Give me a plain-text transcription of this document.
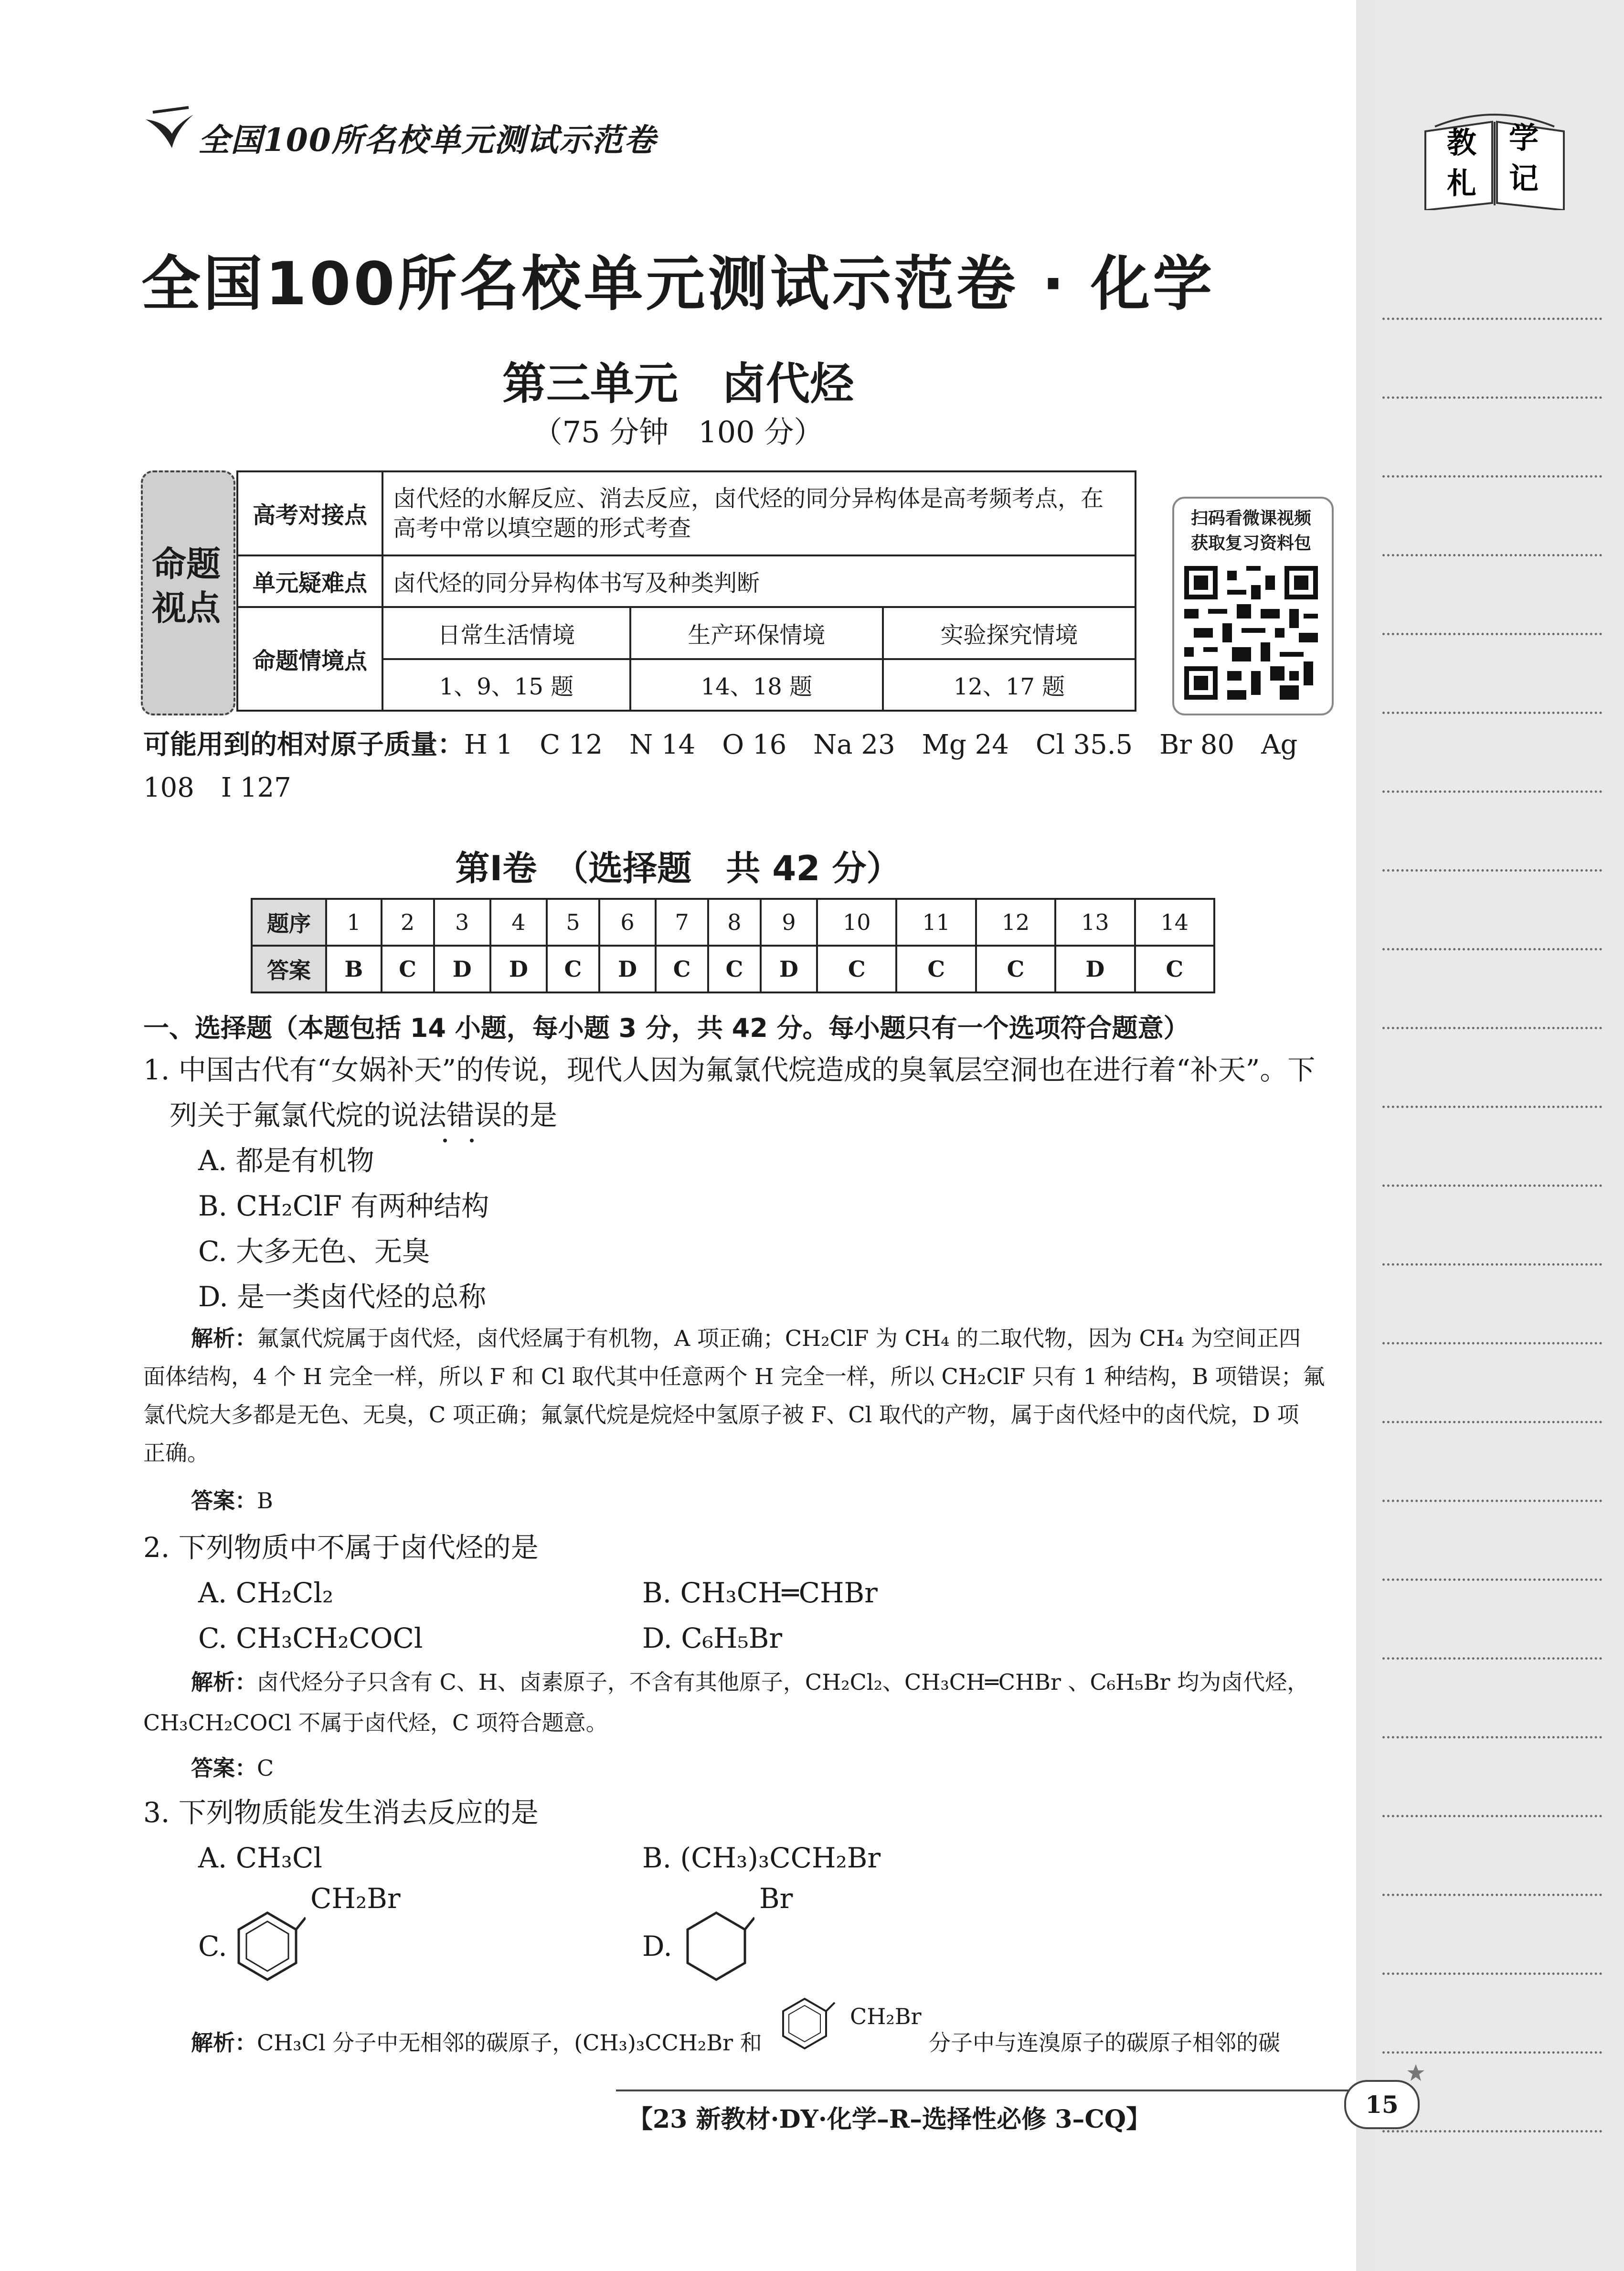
教 学
札 记
全国100所名校单元测试示范卷
全国100所名校单元测试示范卷 · 化学
第三单元　卤代烃
（75 分钟　100 分）
命题视点
高考对接点	卤代烃的水解反应、消去反应，卤代烃的同分异构体是高考频考点，在高考中常以填空题的形式考查		
单元疑难点	卤代烃的同分异构体书写及种类判断		
命题情境点	日常生活情境	生产环保情境	实验探究情境
	1、9、15 题	14、18 题	12、17 题
扫码看微课视频
获取复习资料包
可能用到的相对原子质量：H 1　C 12　N 14　O 16　Na 23　Mg 24　Cl 35.5　Br 80　Ag 108　I 127
第Ⅰ卷　（选择题　共 42 分）
题序	1	2	3	4	5	6	7	8	9	10	11	12	13	14
答案	B	C	D	D	C	D	C	C	D	C	C	C	D	C
一、选择题（本题包括 14 小题，每小题 3 分，共 42 分。每小题只有一个选项符合题意）
1. 中国古代有“女娲补天”的传说，现代人因为氟氯代烷造成的臭氧层空洞也在进行着“补天”。下
列关于氟氯代烷的说法错误的是
A. 都是有机物
B. CH₂ClF 有两种结构
C. 大多无色、无臭
D. 是一类卤代烃的总称
解析：氟氯代烷属于卤代烃，卤代烃属于有机物，A 项正确；CH₂ClF 为 CH₄ 的二取代物，因为 CH₄ 为空间正四
面体结构，4 个 H 完全一样，所以 F 和 Cl 取代其中任意两个 H 完全一样，所以 CH₂ClF 只有 1 种结构，B 项错误；氟
氯代烷大多都是无色、无臭，C 项正确；氟氯代烷是烷烃中氢原子被 F、Cl 取代的产物，属于卤代烃中的卤代烷，D 项
正确。
答案：B
2. 下列物质中不属于卤代烃的是
A. CH₂Cl₂	B. CH₃CH═CHBr
C. CH₃CH₂COCl	D. C₆H₅Br
解析：卤代烃分子只含有 C、H、卤素原子，不含有其他原子，CH₂Cl₂、CH₃CH═CHBr 、C₆H₅Br 均为卤代烃，
CH₃CH₂COCl 不属于卤代烃，C 项符合题意。
答案：C
3. 下列物质能发生消去反应的是
A. CH₃Cl	B. (CH₃)₃CCH₂Br
C.
CH₂Br
D.
Br
解析：CH₃Cl 分子中无相邻的碳原子，(CH₃)₃CCH₂Br 和
CH₂Br
分子中与连溴原子的碳原子相邻的碳
【23 新教材·DY·化学–R–选择性必修 3–CQ】
15
